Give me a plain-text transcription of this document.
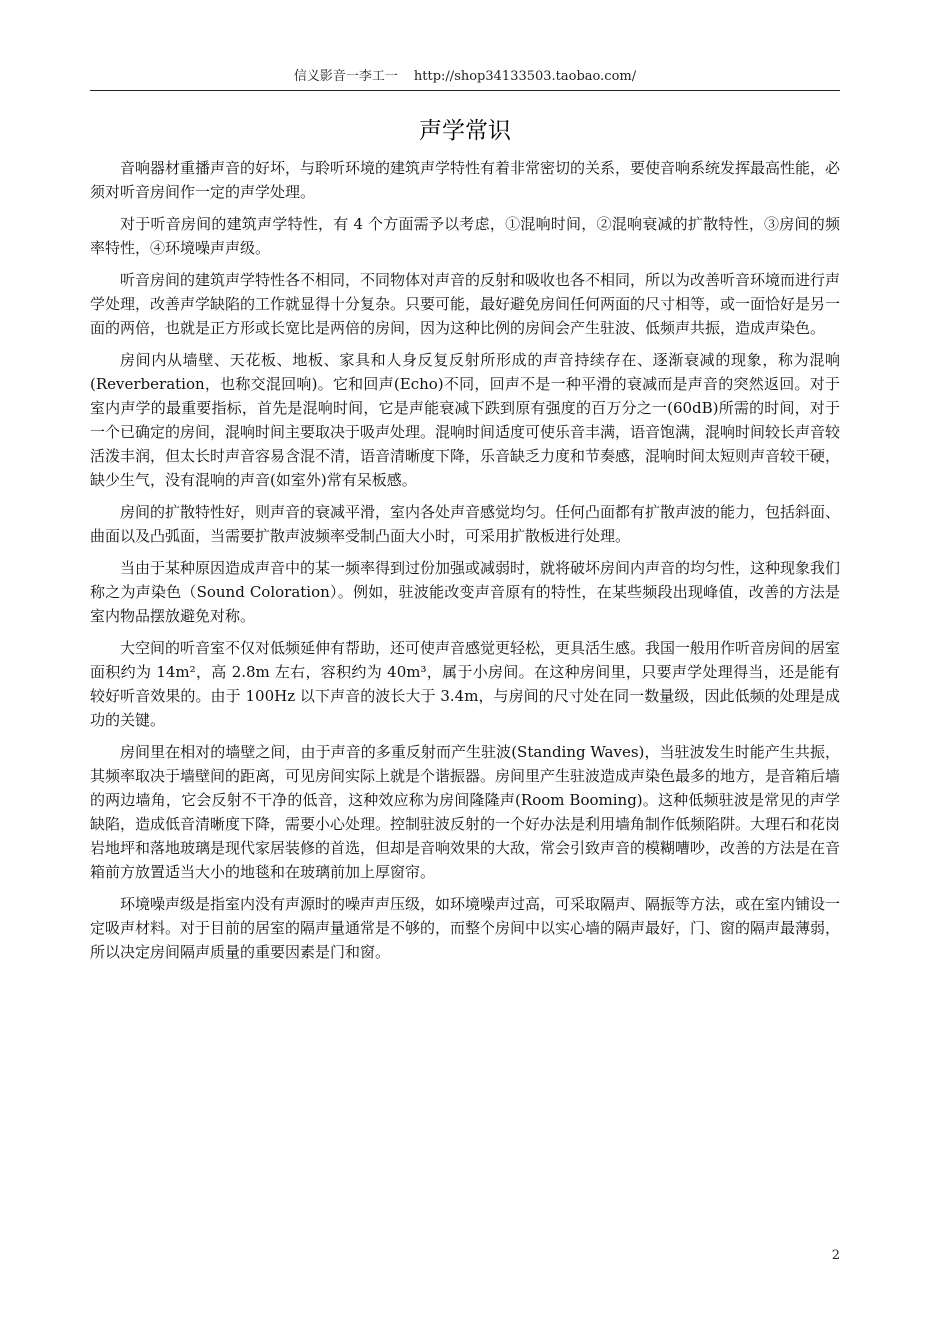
信义影音一李工一 http://shop34133503.taobao.com/
声学常识

音响器材重播声音的好坏，与聆听环境的建筑声学特性有着非常密切的关系，要使音响系统发挥最高性能，必须对听音房间作一定的声学处理。

对于听音房间的建筑声学特性，有 4 个方面需予以考虑，①混响时间，②混响衰减的扩散特性，③房间的频率特性，④环境噪声声级。

听音房间的建筑声学特性各不相同，不同物体对声音的反射和吸收也各不相同，所以为改善听音环境而进行声学处理，改善声学缺陷的工作就显得十分复杂。只要可能，最好避免房间任何两面的尺寸相等，或一面恰好是另一面的两倍，也就是正方形或长宽比是两倍的房间，因为这种比例的房间会产生驻波、低频声共振，造成声染色。

房间内从墙壁、天花板、地板、家具和人身反复反射所形成的声音持续存在、逐渐衰减的现象，称为混响(Reverberation，也称交混回响)。它和回声(Echo)不同，回声不是一种平滑的衰减而是声音的突然返回。对于室内声学的最重要指标，首先是混响时间，它是声能衰减下跌到原有强度的百万分之一(60dB)所需的时间，对于一个已确定的房间，混响时间主要取决于吸声处理。混响时间适度可使乐音丰满，语音饱满，混响时间较长声音较活泼丰润，但太长时声音容易含混不清，语音清晰度下降，乐音缺乏力度和节奏感，混响时间太短则声音较干硬，缺少生气，没有混响的声音(如室外)常有呆板感。

房间的扩散特性好，则声音的衰减平滑，室内各处声音感觉均匀。任何凸面都有扩散声波的能力，包括斜面、曲面以及凸弧面，当需要扩散声波频率受制凸面大小时，可采用扩散板进行处理。

当由于某种原因造成声音中的某一频率得到过份加强或减弱时，就将破坏房间内声音的均匀性，这种现象我们称之为声染色（Sound Coloration）。例如，驻波能改变声音原有的特性，在某些频段出现峰值，改善的方法是室内物品摆放避免对称。

大空间的听音室不仅对低频延伸有帮助，还可使声音感觉更轻松，更具活生感。我国一般用作听音房间的居室面积约为 14m²，高 2.8m 左右，容积约为 40m³，属于小房间。在这种房间里，只要声学处理得当，还是能有较好听音效果的。由于 100Hz 以下声音的波长大于 3.4m，与房间的尺寸处在同一数量级，因此低频的处理是成功的关键。

房间里在相对的墙壁之间，由于声音的多重反射而产生驻波(Standing Waves)，当驻波发生时能产生共振，其频率取决于墙壁间的距离，可见房间实际上就是个谐振器。房间里产生驻波造成声染色最多的地方，是音箱后墙的两边墙角，它会反射不干净的低音，这种效应称为房间隆隆声(Room Booming)。这种低频驻波是常见的声学缺陷，造成低音清晰度下降，需要小心处理。控制驻波反射的一个好办法是利用墙角制作低频陷阱。大理石和花岗岩地坪和落地玻璃是现代家居装修的首选，但却是音响效果的大敌，常会引致声音的模糊嘈吵，改善的方法是在音箱前方放置适当大小的地毯和在玻璃前加上厚窗帘。

环境噪声级是指室内没有声源时的噪声声压级，如环境噪声过高，可采取隔声、隔振等方法，或在室内铺设一定吸声材料。对于目前的居室的隔声量通常是不够的，而整个房间中以实心墙的隔声最好，门、窗的隔声最薄弱，所以决定房间隔声质量的重要因素是门和窗。

2
